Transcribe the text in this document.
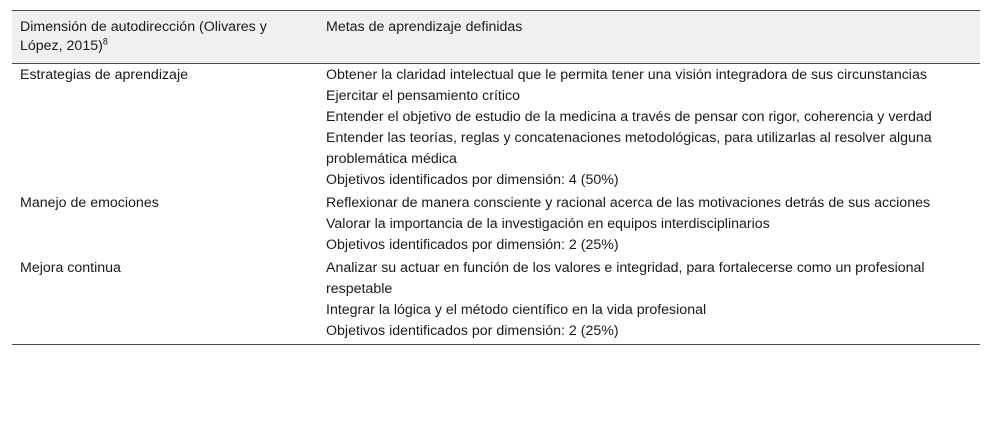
Dimensión de autodirección (Olivares y López, 2015)$^8$	Metas de aprendizaje definidas
Estrategias de aprendizaje	Obtener la claridad intelectual que le permita tener una visión integradora de sus circunstancias

	Ejercitar el pensamiento crítico

	Entender el objetivo de estudio de la medicina a través de pensar con rigor, coherencia y verdad

	Entender las teorías, reglas y concatenaciones metodológicas, para utilizarlas al resolver alguna problemática médica

	Objetivos identificados por dimensión: 4 (50%)

Manejo de emociones	Reflexionar de manera consciente y racional acerca de las motivaciones detrás de sus acciones

	Valorar la importancia de la investigación en equipos interdisciplinarios

	Objetivos identificados por dimensión: 2 (25%)

Mejora continua	Analizar su actuar en función de los valores e integridad, para fortalecerse como un profesional respetable

	Integrar la lógica y el método científico en la vida profesional

	Objetivos identificados por dimensión: 2 (25%)
